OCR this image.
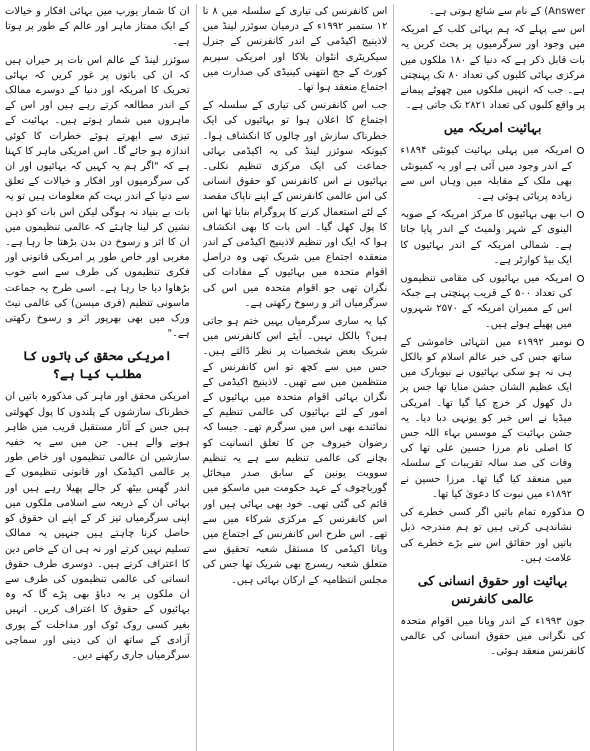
Answer) کے نام سے شائع ہوتی ہے۔

اس سے پہلے کہ ہم بہائی کلب کے امریکہ میں وجود اور سرگرمیوں پر بحث کریں یہ بات قابل ذکر ہے کہ دنیا کے ۱۸۰ ملکوں میں مرکزی بہائی کلبوں کی تعداد ۸۰ تک پہنچتی ہے۔ جب کہ انہیں ملکوں میں چھوٹے پیمانے پر واقع کلبوں کی تعداد ۲۸۲۱ تک جاتی ہے۔

بہائیت امریکہ میں
امریکہ میں پہلی بہائیت کیونٹی ۱۸۹۴ء کے اندر وجود میں آئی ہے اور یہ کمیونٹی بھی ملک کے مقابلہ میں وہاں اس سے زیادہ پرپائی ہوئی ہے۔
اب بھی بہائیوں کا مرکز امریکہ کے صوبہ الینوی کے شہر ولمیٹ کے اندر پایا جاتا ہے۔ شمالی امریکہ کے اندر بہائیوں کا ایک بیڈ کوارٹر ہے۔
امریکہ میں بہائیوں کی مقامی تنظیموں کی تعداد ۵۰۰ کے قریب پہنچتی ہے جبکہ اس کے ممبران امریکہ کے ۲۵۷۰ شہروں میں پھیلے ہوئے ہیں۔
نومبر ۱۹۹۲ء میں انتہائی خاموشی کے ساتھ جس کی خبر عالم اسلام کو بالکل ہی نہ ہو سکی بہائیوں نے نیویارک میں ایک عظیم الشان جشن منایا تھا جس پر دل کھول کر خرچ کیا گیا تھا۔ امریکی میڈیا نے اس خبر کو یونہی دبا دیا۔ یہ جشن بہائیت کے موسس بہاء اللہ جس کا اصلی نام مرزا حسین علی تھا کی وفات کی صد سالہ تقریبات کے سلسلہ میں منعقد کیا گیا تھا۔ مرزا حسین نے ۱۸۹۲ء میں نبوت کا دعویٰ کیا تھا۔
مذکورہ تمام باتیں اگر کسی خطرے کی نشاندہی کرتی ہیں تو ہم مندرجہ ذیل باتیں اور حقائق اس سے بڑے خطرے کی علامت ہیں۔
بہائیت اور حقوق انسانی کی عالمی کانفرنس

جون ۱۹۹۳ء کے اندر ویانا میں اقوام متحدہ کی نگرانی میں حقوق انسانی کی عالمی کانفرنس منعقد ہوئی۔

اس کانفرنس کی تیاری کے سلسلہ میں ۸ تا ۱۲ ستمبر ۱۹۹۲ء کے درمیان سوئزر لینڈ میں لاذینیج اکیڈمی کے اندر کانفرنس کے جنرل سیکریٹری انٹوان بلاکا اور امریکی سپریم کورٹ کے جج انتھنی کینیڈی کی صدارت میں اجتماع منعقد ہوا تھا۔

جب اس کانفرنس کی تیاری کے سلسلہ کے اجتماع کا اعلان ہوا تو بہائیوں کی ایک خطرناک سازش اور چالوں کا انکشاف ہوا۔ کیونکہ سوئزر لینڈ کی یہ اکیڈمی بہائی جماعت کی ایک مرکزی تنظیم نکلی۔ بہائیوں نے اس کانفرنس کو حقوق انسانی کی اس عالمی کانفرنس کے اپنے ناپاک مقصد کے لئے استعمال کرنے کا پروگرام بنایا تھا اس کا پول کھل گیا۔ اس بات کا بھی انکشاف ہوا کہ ایک اور تنظیم لاذینیج اکیڈمی کے اندر منعقدہ اجتماع میں شریک تھی وہ دراصل اقوام متحدہ میں بہائیوں کے مفادات کی نگران تھی جو اقوام متحدہ میں اس کی سرگرمیاں اثر و رسوخ رکھتی ہے۔

کیا یہ ساری سرگرمیاں یہیں ختم ہو جاتی ہیں؟ بالکل نہیں۔ آیئے اس کانفرنس میں شریک بعض شخصیات پر نظر ڈالتے ہیں۔ جس میں سے کچھ تو اس کانفرنس کے منتظمین میں سے تھیں۔ لاذینیج اکیڈمی کے نگران بہائی اقوام متحدہ میں بہائیوں کے امور کے لئے بہائیوں کی عالمی تنظیم کے نمائندے بھی اس میں سرگرم تھے۔ جیسا کہ رضوان خیروف جن کا تعلق انسانیت کو بچانے کی عالمی تنظیم سے ہے یہ تنظیم سوویت یونین کے سابق صدر میخائل گورباچوف کے عہد حکومت میں ماسکو میں قائم کی گئی تھی۔ خود بھی بہائی ہیں اور اس کانفرنس کے مرکزی شرکاء میں سے تھے۔ اس طرح اس کانفرنس کے اجتماع میں ویانا اکیڈمی کا مستقل شعبہ تحقیق سے متعلق شعبہ ریسرچ بھی شریک تھا جس کی مجلس انتظامیہ کے ارکان بہائی ہیں۔

ان کا شمار یورپ میں بہائی افکار و خیالات کے ایک ممتاز ماہر اور عالم کے طور پر ہوتا ہے۔

سوئزر لینڈ کے عالم اس بات پر حیران ہیں کہ ان کی باتوں پر غور کریں کہ بہائی تحریک کا امریکہ اور دنیا کے دوسرے ممالک کے اندر مطالعہ کرتے رہے ہیں اور اس کے ماہروں میں شمار ہوتے ہیں۔ بہائیت کے تیزی سے ابھرتے ہوئے خطرات کا کوئی اندازہ ہو جائے گا۔ اس امریکی ماہر کا کہنا ہے کہ "اگر ہم یہ کہیں کہ بہائیوں اور ان کی سرگرمیوں اور افکار و خیالات کے تعلق سے دنیا کے اندر بہت کم معلومات ہیں تو یہ بات بے بنیاد نہ ہوگی لیکن اس بات کو ذہن نشین کر لینا چاہئے کہ عالمی تنظیموں میں ان کا اثر و رسوخ دن بدن بڑھتا جا رہا ہے۔ مغربی اور خاص طور پر امریکی قانونی اور فکری تنظیموں کی طرف سے اسے خوب بڑھاوا دیا جا رہا ہے۔ اسی طرح یہ جماعت ماسونی تنظیم (فری میسن) کی عالمی نیٹ ورک میں بھی بھرپور اثر و رسوخ رکھتی ہے۔"

امریکی محقق کی باتوں کا مطلب کیا ہے؟

امریکی محقق اور ماہر کی مذکورہ باتیں ان خطرناک سازشوں کے پلندوں کا پول کھولتی ہیں جس کے آثار مستقبل قریب میں ظاہر ہونے والے ہیں۔ جن میں سے یہ خفیہ سازشیں ان عالمی تنظیموں اور خاص طور پر عالمی اکیڈمک اور قانونی تنظیموں کے اندر گھس بیٹھ کر جالے پھیلا رہے ہیں اور بہائی ان کے ذریعہ سے اسلامی ملکوں میں اپنی سرگرمیاں تیز کر کے اپنے ان حقوق کو حاصل کرنا چاہتے ہیں جنہیں یہ ممالک تسلیم نہیں کرتے اور نہ ہی ان کے خاص دین کا اعتراف کرتے ہیں۔ دوسری طرف حقوق انسانی کی عالمی تنظیموں کی طرف سے ان ملکوں پر یہ دباؤ بھی پڑے گا کہ وہ بہائیوں کے حقوق کا اعتراف کریں۔ انہیں بغیر کسی روک ٹوک اور مداخلت کے پوری آزادی کے ساتھ ان کی دینی اور سماجی سرگرمیاں جاری رکھنے دیں۔
